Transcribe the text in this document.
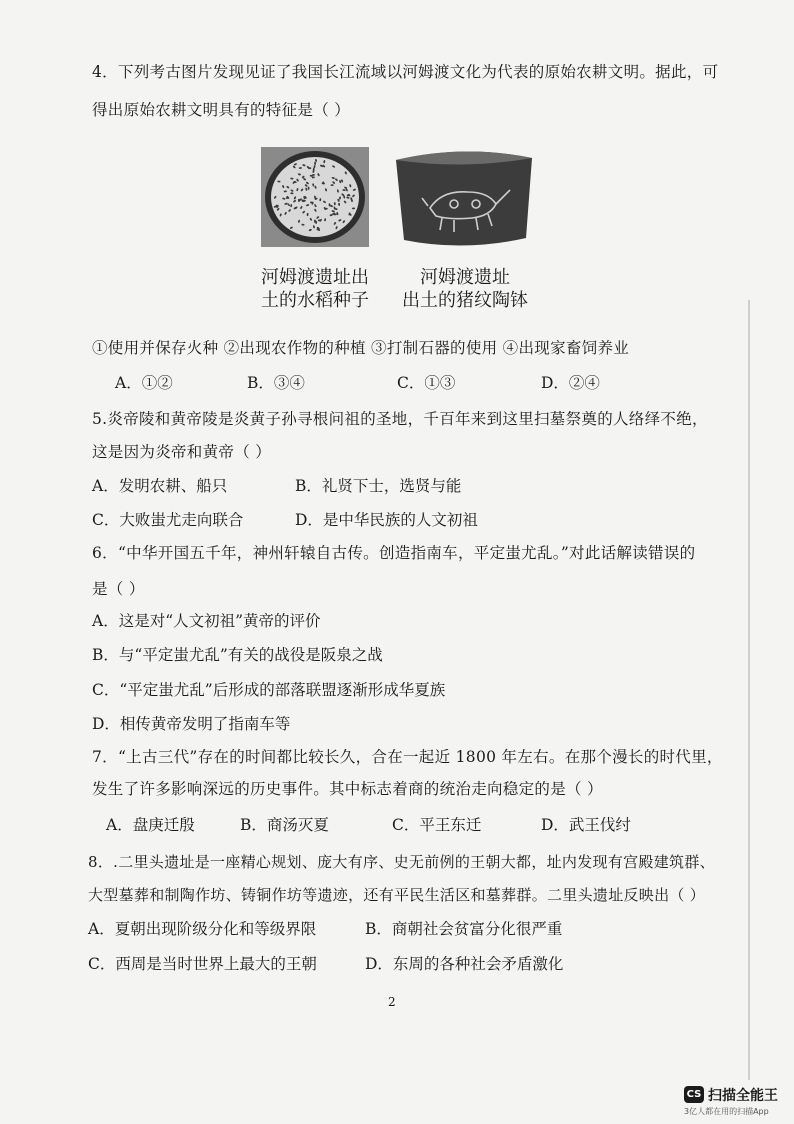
4．下列考古图片发现见证了我国长江流域以河姆渡文化为代表的原始农耕文明。据此，可
得出原始农耕文明具有的特征是（ ）
河姆渡遗址出
土的水稻种子
河姆渡遗址
出土的猪纹陶钵
①使用并保存火种 ②出现农作物的种植 ③打制石器的使用 ④出现家畜饲养业
A．①②	B．③④	C．①③	D．②④
5.炎帝陵和黄帝陵是炎黄子孙寻根问祖的圣地，千百年来到这里扫墓祭奠的人络绎不绝，
这是因为炎帝和黄帝（ ）
A．发明农耕、船只	B．礼贤下士，选贤与能
C．大败蚩尤走向联合	D．是中华民族的人文初祖
6．“中华开国五千年，神州轩辕自古传。创造指南车，平定蚩尤乱。”对此话解读错误的
是（ ）
A．这是对“人文初祖”黄帝的评价
B．与“平定蚩尤乱”有关的战役是阪泉之战
C．“平定蚩尤乱”后形成的部落联盟逐渐形成华夏族
D．相传黄帝发明了指南车等
7．“上古三代”存在的时间都比较长久，合在一起近 1800 年左右。在那个漫长的时代里，
发生了许多影响深远的历史事件。其中标志着商的统治走向稳定的是（ ）
A．盘庚迁殷	B．商汤灭夏	C．平王东迁	D．武王伐纣
8．.二里头遗址是一座精心规划、庞大有序、史无前例的王朝大都，址内发现有宫殿建筑群、
大型墓葬和制陶作坊、铸铜作坊等遗迹，还有平民生活区和墓葬群。二里头遗址反映出（ ）
A．夏朝出现阶级分化和等级界限	B．商朝社会贫富分化很严重
C．西周是当时世界上最大的王朝	D．东周的各种社会矛盾激化
2
CS 扫描全能王
3亿人都在用的扫描App
